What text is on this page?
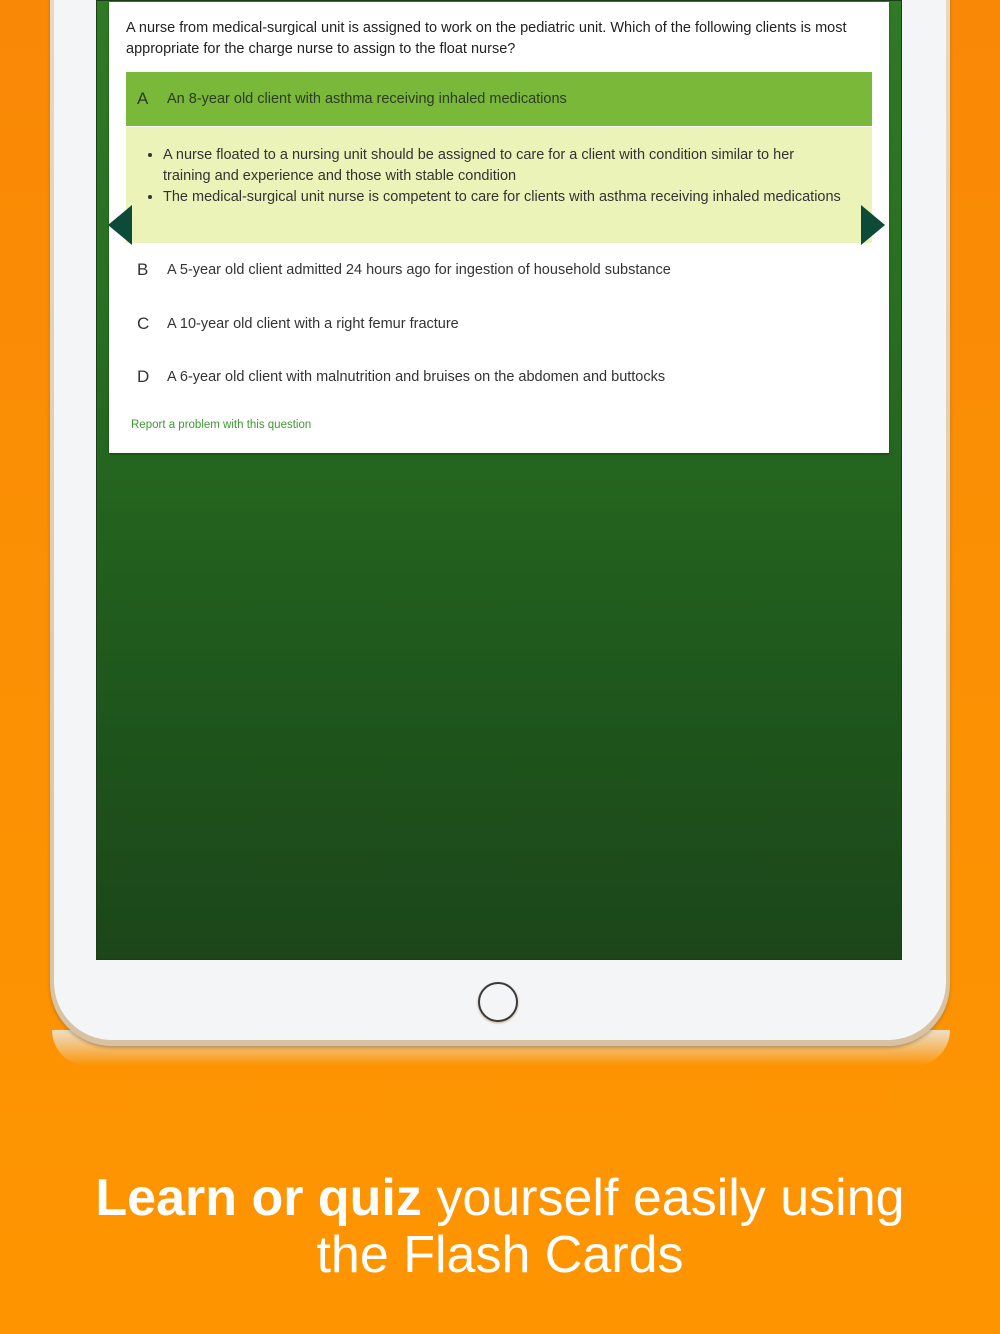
A nurse from medical-surgical unit is assigned to work on the pediatric unit. Which of the following clients is most appropriate for the charge nurse to assign to the float nurse?

A An 8-year old client with asthma receiving inhaled medications
• A nurse floated to a nursing unit should be assigned to care for a client with condition similar to her training and experience and those with stable condition
• The medical-surgical unit nurse is competent to care for clients with asthma receiving inhaled medications
B A 5-year old client admitted 24 hours ago for ingestion of household substance
C A 10-year old client with a right femur fracture
D A 6-year old client with malnutrition and bruises on the abdomen and buttocks
Report a problem with this question

Learn or quiz yourself easily using
the Flash Cards
